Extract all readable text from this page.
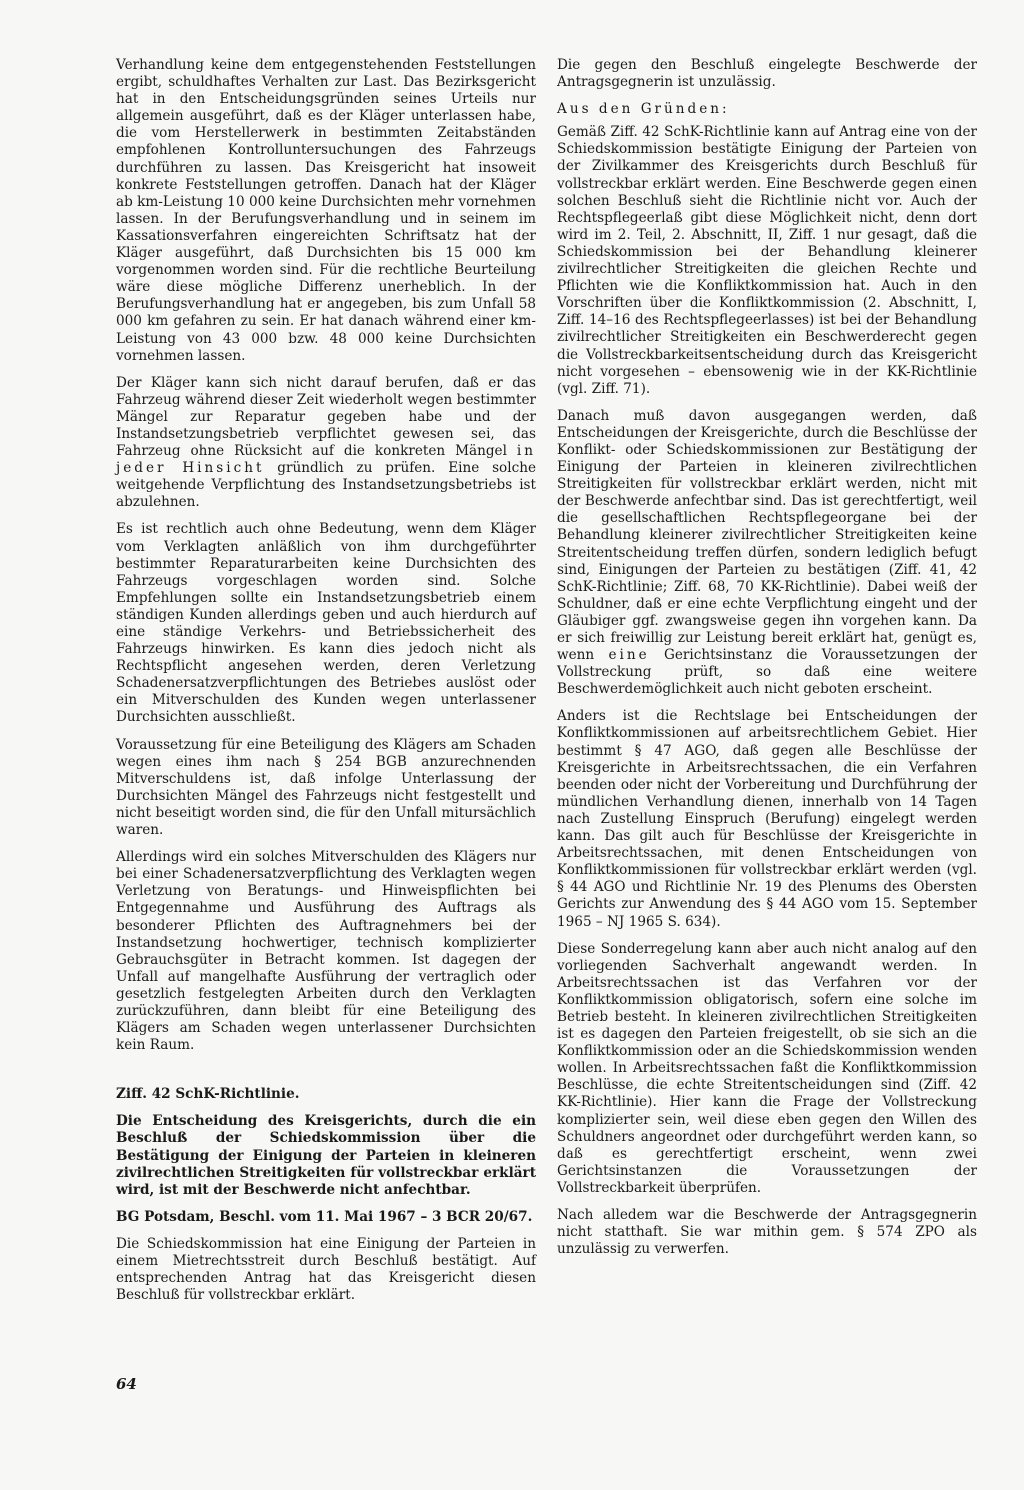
Verhandlung keine dem entgegenstehenden Feststellungen ergibt, schuldhaftes Verhalten zur Last. Das Bezirksgericht hat in den Entscheidungsgründen seines Urteils nur allgemein ausgeführt, daß es der Kläger unterlassen habe, die vom Herstellerwerk in bestimmten Zeitabständen empfohlenen Kontrolluntersuchungen des Fahrzeugs durchführen zu lassen. Das Kreisgericht hat insoweit konkrete Feststellungen getroffen. Danach hat der Kläger ab km-Leistung 10 000 keine Durchsichten mehr vornehmen lassen. In der Berufungsverhandlung und in seinem im Kassationsverfahren eingereichten Schriftsatz hat der Kläger ausgeführt, daß Durchsichten bis 15 000 km vorgenommen worden sind. Für die rechtliche Beurteilung wäre diese mögliche Differenz unerheblich. In der Berufungsverhandlung hat er angegeben, bis zum Unfall 58 000 km gefahren zu sein. Er hat danach während einer km-Leistung von 43 000 bzw. 48 000 keine Durchsichten vornehmen lassen.

Der Kläger kann sich nicht darauf berufen, daß er das Fahrzeug während dieser Zeit wiederholt wegen bestimmter Mängel zur Reparatur gegeben habe und der Instandsetzungsbetrieb verpflichtet gewesen sei, das Fahrzeug ohne Rücksicht auf die konkreten Mängel in jeder Hinsicht gründlich zu prüfen. Eine solche weitgehende Verpflichtung des Instandsetzungsbetriebs ist abzulehnen.

Es ist rechtlich auch ohne Bedeutung, wenn dem Kläger vom Verklagten anläßlich von ihm durchgeführter bestimmter Reparaturarbeiten keine Durchsichten des Fahrzeugs vorgeschlagen worden sind. Solche Empfehlungen sollte ein Instandsetzungsbetrieb einem ständigen Kunden allerdings geben und auch hierdurch auf eine ständige Verkehrs- und Betriebssicherheit des Fahrzeugs hinwirken. Es kann dies jedoch nicht als Rechtspflicht angesehen werden, deren Verletzung Schadenersatzverpflichtungen des Betriebes auslöst oder ein Mitverschulden des Kunden wegen unterlassener Durchsichten ausschließt.

Voraussetzung für eine Beteiligung des Klägers am Schaden wegen eines ihm nach § 254 BGB anzurechnenden Mitverschuldens ist, daß infolge Unterlassung der Durchsichten Mängel des Fahrzeugs nicht festgestellt und nicht beseitigt worden sind, die für den Unfall mitursächlich waren.

Allerdings wird ein solches Mitverschulden des Klägers nur bei einer Schadenersatzverpflichtung des Verklagten wegen Verletzung von Beratungs- und Hinweispflichten bei Entgegennahme und Ausführung des Auftrags als besonderer Pflichten des Auftragnehmers bei der Instandsetzung hochwertiger, technisch komplizierter Gebrauchsgüter in Betracht kommen. Ist dagegen der Unfall auf mangelhafte Ausführung der vertraglich oder gesetzlich festgelegten Arbeiten durch den Verklagten zurückzuführen, dann bleibt für eine Beteiligung des Klägers am Schaden wegen unterlassener Durchsichten kein Raum.

Ziff. 42 SchK-Richtlinie.

Die Entscheidung des Kreisgerichts, durch die ein Beschluß der Schiedskommission über die Bestätigung der Einigung der Parteien in kleineren zivilrechtlichen Streitigkeiten für vollstreckbar erklärt wird, ist mit der Beschwerde nicht anfechtbar.

BG Potsdam, Beschl. vom 11. Mai 1967 – 3 BCR 20/67.

Die Schiedskommission hat eine Einigung der Parteien in einem Mietrechtsstreit durch Beschluß bestätigt. Auf entsprechenden Antrag hat das Kreisgericht diesen Beschluß für vollstreckbar erklärt.

Die gegen den Beschluß eingelegte Beschwerde der Antragsgegnerin ist unzulässig.

Aus den Gründen:

Gemäß Ziff. 42 SchK-Richtlinie kann auf Antrag eine von der Schiedskommission bestätigte Einigung der Parteien von der Zivilkammer des Kreisgerichts durch Beschluß für vollstreckbar erklärt werden. Eine Beschwerde gegen einen solchen Beschluß sieht die Richtlinie nicht vor. Auch der Rechtspflegeerlaß gibt diese Möglichkeit nicht, denn dort wird im 2. Teil, 2. Abschnitt, II, Ziff. 1 nur gesagt, daß die Schiedskommission bei der Behandlung kleinerer zivilrechtlicher Streitigkeiten die gleichen Rechte und Pflichten wie die Konfliktkommission hat. Auch in den Vorschriften über die Konfliktkommission (2. Abschnitt, I, Ziff. 14–16 des Rechtspflegeerlasses) ist bei der Behandlung zivilrechtlicher Streitigkeiten ein Beschwerderecht gegen die Vollstreckbarkeitsentscheidung durch das Kreisgericht nicht vorgesehen – ebensowenig wie in der KK-Richtlinie (vgl. Ziff. 71).

Danach muß davon ausgegangen werden, daß Entscheidungen der Kreisgerichte, durch die Beschlüsse der Konflikt- oder Schiedskommissionen zur Bestätigung der Einigung der Parteien in kleineren zivilrechtlichen Streitigkeiten für vollstreckbar erklärt werden, nicht mit der Beschwerde anfechtbar sind. Das ist gerechtfertigt, weil die gesellschaftlichen Rechtspflegeorgane bei der Behandlung kleinerer zivilrechtlicher Streitigkeiten keine Streitentscheidung treffen dürfen, sondern lediglich befugt sind, Einigungen der Parteien zu bestätigen (Ziff. 41, 42 SchK-Richtlinie; Ziff. 68, 70 KK-Richtlinie). Dabei weiß der Schuldner, daß er eine echte Verpflichtung eingeht und der Gläubiger ggf. zwangsweise gegen ihn vorgehen kann. Da er sich freiwillig zur Leistung bereit erklärt hat, genügt es, wenn eine Gerichtsinstanz die Voraussetzungen der Vollstreckung prüft, so daß eine weitere Beschwerdemöglichkeit auch nicht geboten erscheint.

Anders ist die Rechtslage bei Entscheidungen der Konfliktkommissionen auf arbeitsrechtlichem Gebiet. Hier bestimmt § 47 AGO, daß gegen alle Beschlüsse der Kreisgerichte in Arbeitsrechtssachen, die ein Verfahren beenden oder nicht der Vorbereitung und Durchführung der mündlichen Verhandlung dienen, innerhalb von 14 Tagen nach Zustellung Einspruch (Berufung) eingelegt werden kann. Das gilt auch für Beschlüsse der Kreisgerichte in Arbeitsrechtssachen, mit denen Entscheidungen von Konfliktkommissionen für vollstreckbar erklärt werden (vgl. § 44 AGO und Richtlinie Nr. 19 des Plenums des Obersten Gerichts zur Anwendung des § 44 AGO vom 15. September 1965 – NJ 1965 S. 634).

Diese Sonderregelung kann aber auch nicht analog auf den vorliegenden Sachverhalt angewandt werden. In Arbeitsrechtssachen ist das Verfahren vor der Konfliktkommission obligatorisch, sofern eine solche im Betrieb besteht. In kleineren zivilrechtlichen Streitigkeiten ist es dagegen den Parteien freigestellt, ob sie sich an die Konfliktkommission oder an die Schiedskommission wenden wollen. In Arbeitsrechtssachen faßt die Konfliktkommission Beschlüsse, die echte Streitentscheidungen sind (Ziff. 42 KK-Richtlinie). Hier kann die Frage der Vollstreckung komplizierter sein, weil diese eben gegen den Willen des Schuldners angeordnet oder durchgeführt werden kann, so daß es gerechtfertigt erscheint, wenn zwei Gerichtsinstanzen die Voraussetzungen der Vollstreckbarkeit überprüfen.

Nach alledem war die Beschwerde der Antragsgegnerin nicht statthaft. Sie war mithin gem. § 574 ZPO als unzulässig zu verwerfen.

64
